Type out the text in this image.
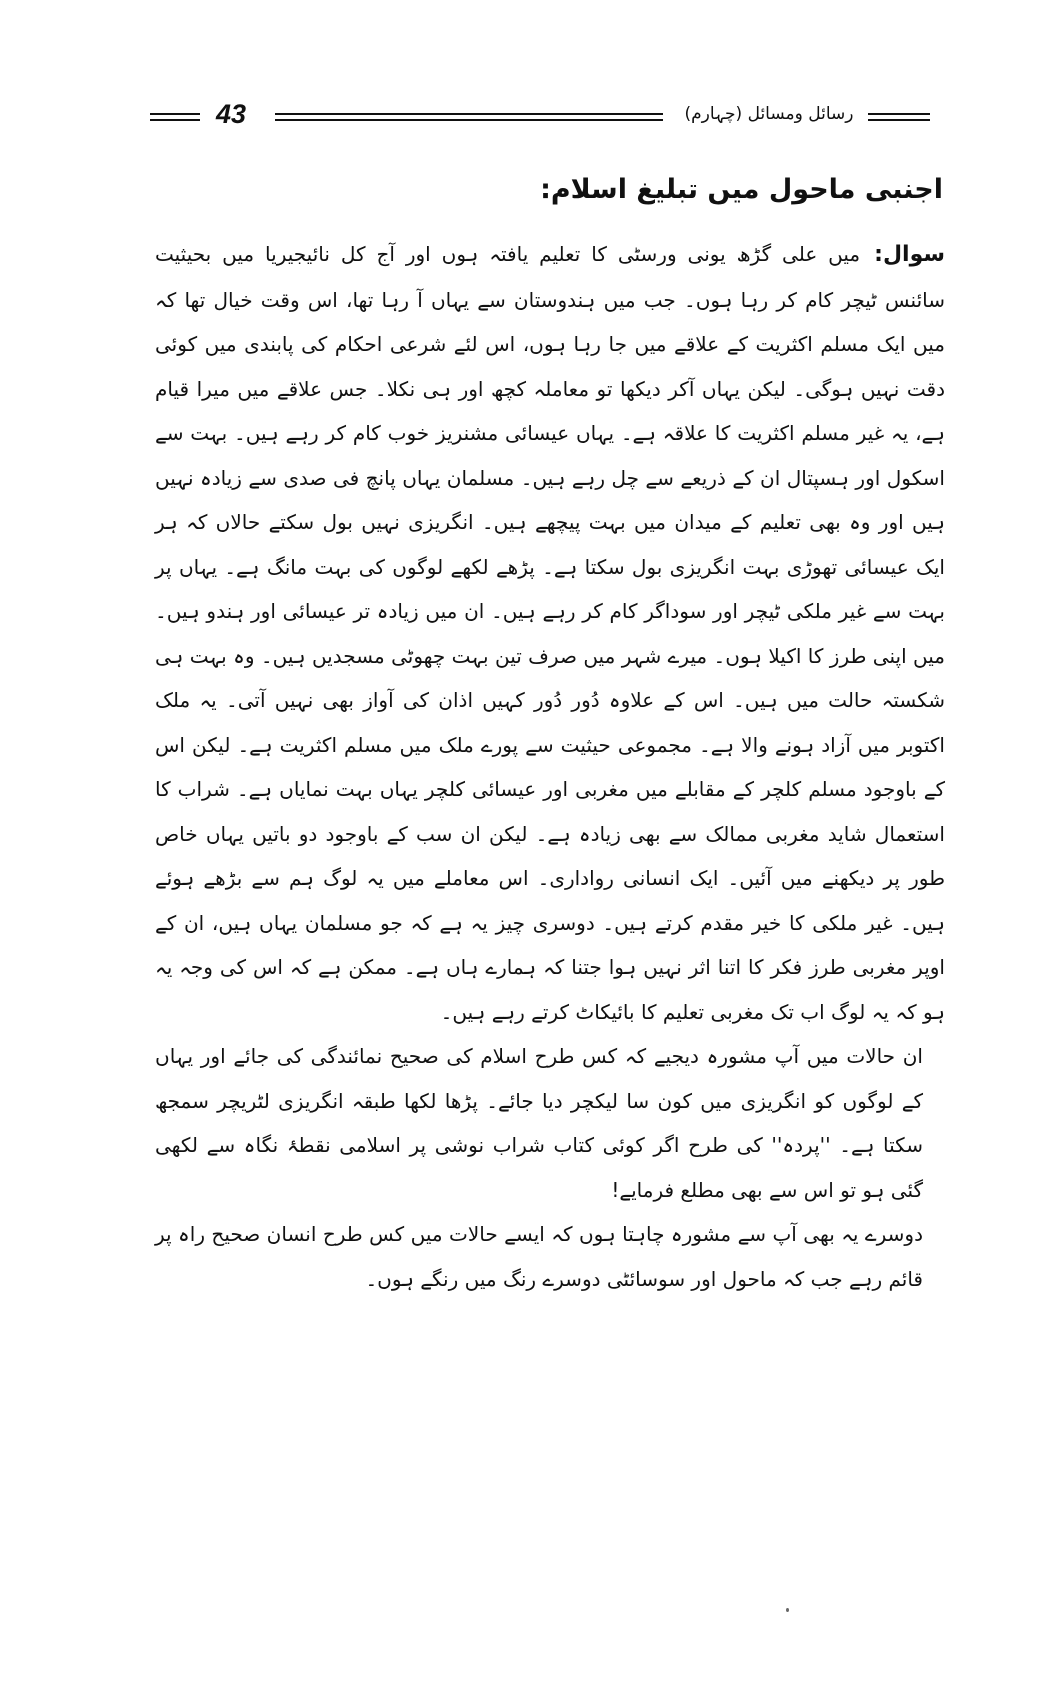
43	رسائل ومسائل (چہارم)
اجنبی ماحول میں تبلیغ اسلام:

سوال:میں علی گڑھ یونی ورسٹی کا تعلیم یافتہ ہوں اور آج کل نائیجیریا میں بحیثیت سائنس ٹیچر کام کر رہا ہوں۔ جب میں ہندوستان سے یہاں آ رہا تھا، اس وقت خیال تھا کہ میں ایک مسلم اکثریت کے علاقے میں جا رہا ہوں، اس لئے شرعی احکام کی پابندی میں کوئی دقت نہیں ہوگی۔ لیکن یہاں آکر دیکھا تو معاملہ کچھ اور ہی نکلا۔ جس علاقے میں میرا قیام ہے، یہ غیر مسلم اکثریت کا علاقہ ہے۔ یہاں عیسائی مشنریز خوب کام کر رہے ہیں۔ بہت سے اسکول اور ہسپتال ان کے ذریعے سے چل رہے ہیں۔ مسلمان یہاں پانچ فی صدی سے زیادہ نہیں ہیں اور وہ بھی تعلیم کے میدان میں بہت پیچھے ہیں۔ انگریزی نہیں بول سکتے حالاں کہ ہر ایک عیسائی تھوڑی بہت انگریزی بول سکتا ہے۔ پڑھے لکھے لوگوں کی بہت مانگ ہے۔ یہاں پر بہت سے غیر ملکی ٹیچر اور سوداگر کام کر رہے ہیں۔ ان میں زیادہ تر عیسائی اور ہندو ہیں۔ میں اپنی طرز کا اکیلا ہوں۔ میرے شہر میں صرف تین بہت چھوٹی مسجدیں ہیں۔ وہ بہت ہی شکستہ حالت میں ہیں۔ اس کے علاوہ دُور دُور کہیں اذان کی آواز بھی نہیں آتی۔ یہ ملک اکتوبر میں آزاد ہونے والا ہے۔ مجموعی حیثیت سے پورے ملک میں مسلم اکثریت ہے۔ لیکن اس کے باوجود مسلم کلچر کے مقابلے میں مغربی اور عیسائی کلچر یہاں بہت نمایاں ہے۔ شراب کا استعمال شاید مغربی ممالک سے بھی زیادہ ہے۔ لیکن ان سب کے باوجود دو باتیں یہاں خاص طور پر دیکھنے میں آئیں۔ ایک انسانی رواداری۔ اس معاملے میں یہ لوگ ہم سے بڑھے ہوئے ہیں۔ غیر ملکی کا خیر مقدم کرتے ہیں۔ دوسری چیز یہ ہے کہ جو مسلمان یہاں ہیں، ان کے اوپر مغربی طرز فکر کا اتنا اثر نہیں ہوا جتنا کہ ہمارے ہاں ہے۔ ممکن ہے کہ اس کی وجہ یہ ہو کہ یہ لوگ اب تک مغربی تعلیم کا بائیکاٹ کرتے رہے ہیں۔

ان حالات میں آپ مشورہ دیجیے کہ کس طرح اسلام کی صحیح نمائندگی کی جائے اور یہاں کے لوگوں کو انگریزی میں کون سا لیکچر دیا جائے۔ پڑھا لکھا طبقہ انگریزی لٹریچر سمجھ سکتا ہے۔ ''پردہ'' کی طرح اگر کوئی کتاب شراب نوشی پر اسلامی نقطۂ نگاہ سے لکھی گئی ہو تو اس سے بھی مطلع فرمایے!

دوسرے یہ بھی آپ سے مشورہ چاہتا ہوں کہ ایسے حالات میں کس طرح انسان صحیح راہ پر قائم رہے جب کہ ماحول اور سوسائٹی دوسرے رنگ میں رنگے ہوں۔
